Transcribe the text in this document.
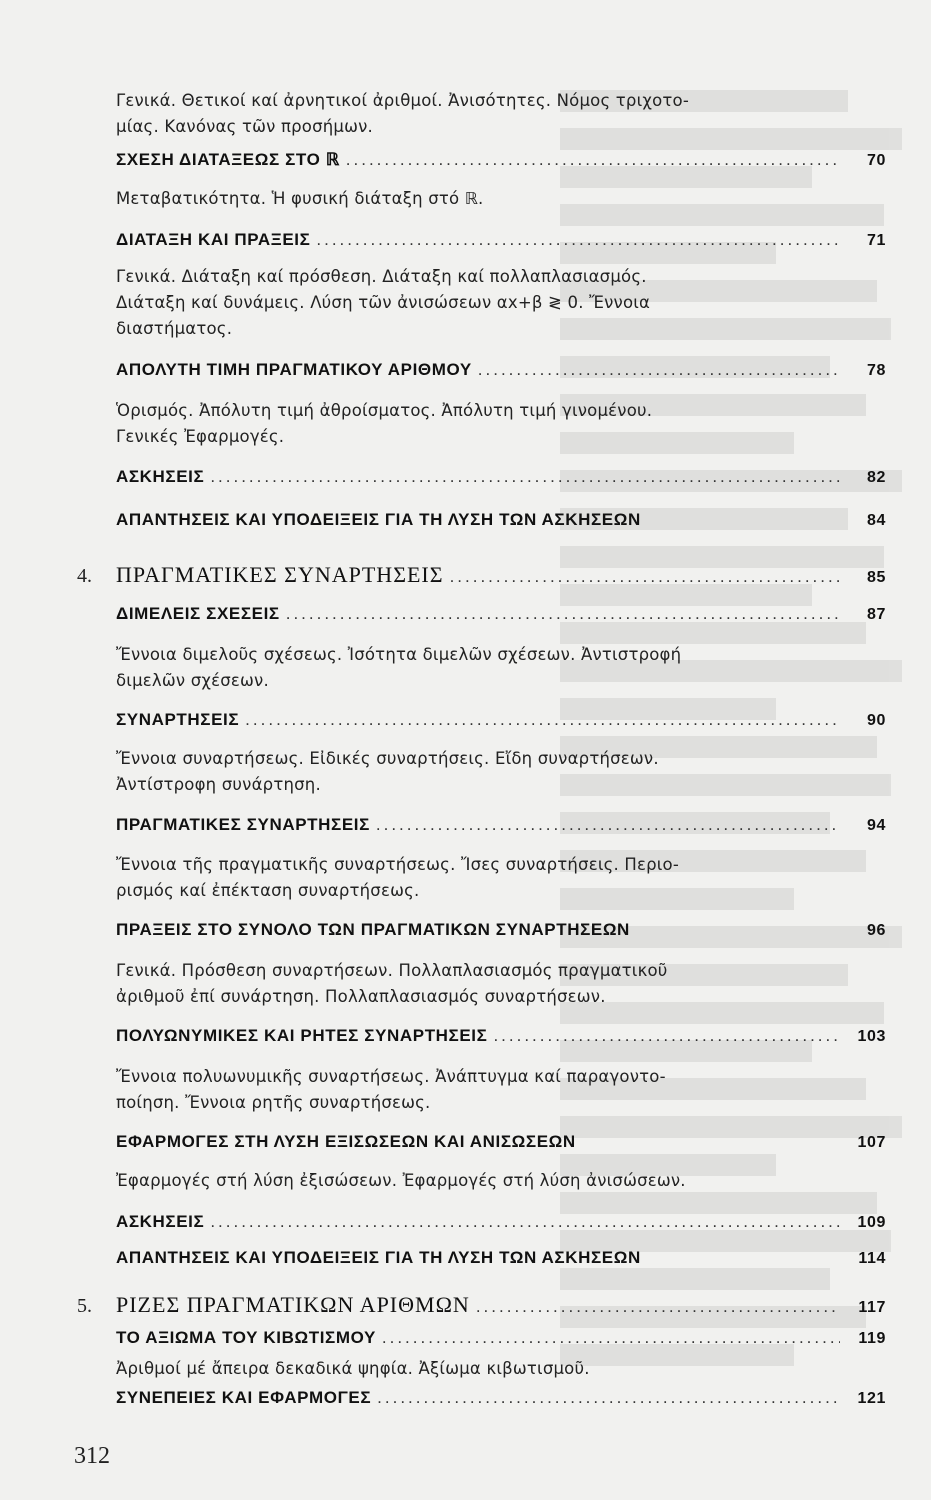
Γενικά. Θετικοί καί ἀρνητικοί ἀριθμοί. Ἀνισότητες. Νόμος τριχοτο-
μίας. Κανόνας τῶν προσήμων.
ΣΧΕΣΗ ΔΙΑΤΑΞΕΩΣ ΣΤΟ ℝ .....	70
Μεταβατικότητα. Ἡ φυσική διάταξη στό ℝ.
ΔΙΑΤΑΞΗ ΚΑΙ ΠΡΑΞΕΙΣ .....	71
Γενικά. Διάταξη καί πρόσθεση. Διάταξη καί πολλαπλασιασμός.
Διάταξη καί δυνάμεις. Λύση τῶν ἀνισώσεων αx+β ≷ 0. Ἔννοια
διαστήματος.
ΑΠΟΛΥΤΗ ΤΙΜΗ ΠΡΑΓΜΑΤΙΚΟΥ ΑΡΙΘΜΟΥ .....	78
Ὁρισμός. Ἀπόλυτη τιμή ἀθροίσματος. Ἀπόλυτη τιμή γινομένου.
Γενικές Ἐφαρμογές.
ΑΣΚΗΣΕΙΣ .....	82
ΑΠΑΝΤΗΣΕΙΣ ΚΑΙ ΥΠΟΔΕΙΞΕΙΣ ΓΙΑ ΤΗ ΛΥΣΗ ΤΩΝ ΑΣΚΗΣΕΩΝ	84
4. ΠΡΑΓΜΑΤΙΚΕΣ ΣΥΝΑΡΤΗΣΕΙΣ .....	85
ΔΙΜΕΛΕΙΣ ΣΧΕΣΕΙΣ .....	87
Ἔννοια διμελοῦς σχέσεως. Ἰσότητα διμελῶν σχέσεων. Ἀντιστροφή
διμελῶν σχέσεων.
ΣΥΝΑΡΤΗΣΕΙΣ .....	90
Ἔννοια συναρτήσεως. Εἰδικές συναρτήσεις. Εἴδη συναρτήσεων.
Ἀντίστροφη συνάρτηση.
ΠΡΑΓΜΑΤΙΚΕΣ ΣΥΝΑΡΤΗΣΕΙΣ .....	94
Ἔννοια τῆς πραγματικῆς συναρτήσεως. Ἴσες συναρτήσεις. Περιο-
ρισμός καί ἐπέκταση συναρτήσεως.
ΠΡΑΞΕΙΣ ΣΤΟ ΣΥΝΟΛΟ ΤΩΝ ΠΡΑΓΜΑΤΙΚΩΝ ΣΥΝΑΡΤΗΣΕΩΝ	96
Γενικά. Πρόσθεση συναρτήσεων. Πολλαπλασιασμός πραγματικοῦ
ἀριθμοῦ ἐπί συνάρτηση. Πολλαπλασιασμός συναρτήσεων.
ΠΟΛΥΩΝΥΜΙΚΕΣ ΚΑΙ ΡΗΤΕΣ ΣΥΝΑΡΤΗΣΕΙΣ .....	103
Ἔννοια πολυωνυμικῆς συναρτήσεως. Ἀνάπτυγμα καί παραγοντο-
ποίηση. Ἔννοια ρητῆς συναρτήσεως.
ΕΦΑΡΜΟΓΕΣ ΣΤΗ ΛΥΣΗ ΕΞΙΣΩΣΕΩΝ ΚΑΙ ΑΝΙΣΩΣΕΩΝ	107
Ἐφαρμογές στή λύση ἐξισώσεων. Ἐφαρμογές στή λύση ἀνισώσεων.
ΑΣΚΗΣΕΙΣ .....	109
ΑΠΑΝΤΗΣΕΙΣ ΚΑΙ ΥΠΟΔΕΙΞΕΙΣ ΓΙΑ ΤΗ ΛΥΣΗ ΤΩΝ ΑΣΚΗΣΕΩΝ	114
5. ΡΙΖΕΣ ΠΡΑΓΜΑΤΙΚΩΝ ΑΡΙΘΜΩΝ .....	117
ΤΟ ΑΞΙΩΜΑ ΤΟΥ ΚΙΒΩΤΙΣΜΟΥ .....	119
Ἀριθμοί μέ ἄπειρα δεκαδικά ψηφία. Ἀξίωμα κιβωτισμοῦ.
ΣΥΝΕΠΕΙΕΣ ΚΑΙ ΕΦΑΡΜΟΓΕΣ .....	121
312
